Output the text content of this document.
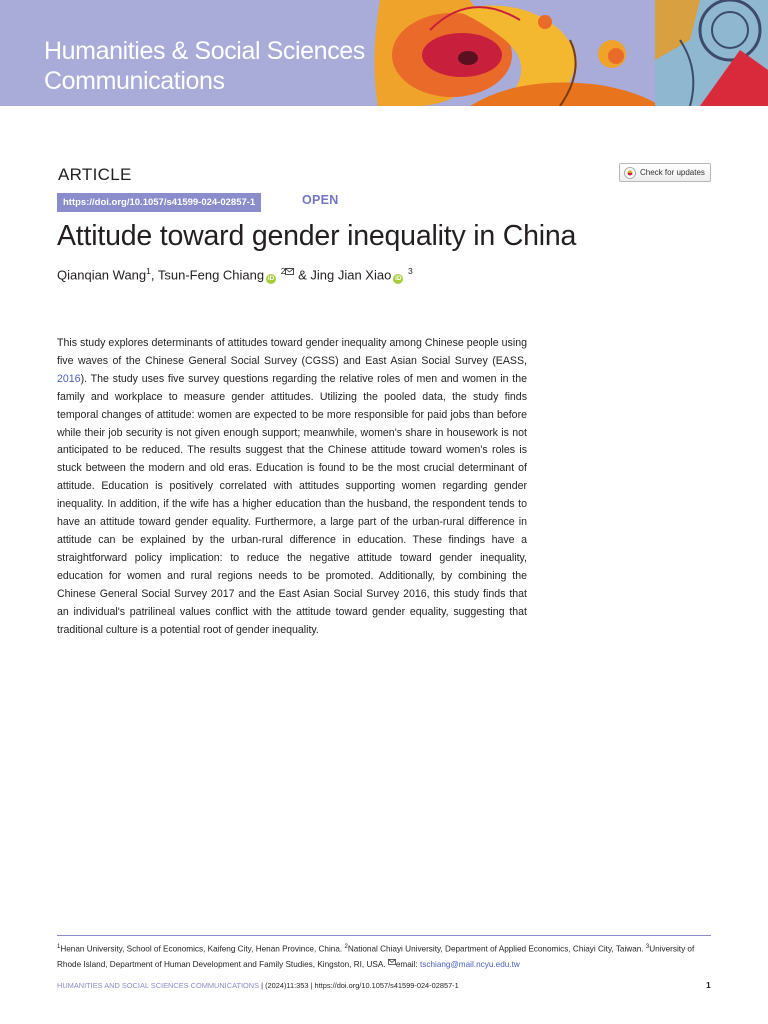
Humanities & Social Sciences
Communications
ARTICLE
https://doi.org/10.1057/s41599-024-02857-1	OPEN
Check for updates
Attitude toward gender inequality in China
Qianqian Wang$^1$, Tsun-Feng Chiang iD $^2$ & Jing Jian Xiao iD $^3$

This study explores determinants of attitudes toward gender inequality among Chinese people using five waves of the Chinese General Social Survey (CGSS) and East Asian Social Survey (EASS, 2016). The study uses five survey questions regarding the relative roles of men and women in the family and workplace to measure gender attitudes. Utilizing the pooled data, the study finds temporal changes of attitude: women are expected to be more responsible for paid jobs than before while their job security is not given enough support; meanwhile, women's share in housework is not anticipated to be reduced. The results suggest that the Chinese attitude toward women's roles is stuck between the modern and old eras. Education is found to be the most crucial determinant of attitude. Education is positively correlated with attitudes supporting women regarding gender inequality. In addition, if the wife has a higher education than the husband, the respondent tends to have an attitude toward gender equality. Furthermore, a large part of the urban-rural difference in attitude can be explained by the urban-rural difference in education. These findings have a straightforward policy implication: to reduce the negative attitude toward gender inequality, education for women and rural regions needs to be promoted. Additionally, by combining the Chinese General Social Survey 2017 and the East Asian Social Survey 2016, this study finds that an individual's patrilineal values conflict with the attitude toward gender equality, suggesting that traditional culture is a potential root of gender inequality.

$^1$Henan University, School of Economics, Kaifeng City, Henan Province, China. $^2$National Chiayi University, Department of Applied Economics, Chiayi City, Taiwan. $^3$University of Rhode Island, Department of Human Development and Family Studies, Kingston, RI, USA. email: tschiang@mail.ncyu.edu.tw

HUMANITIES AND SOCIAL SCIENCES COMMUNICATIONS | (2024)11:353 | https://doi.org/10.1057/s41599-024-02857-1	1
